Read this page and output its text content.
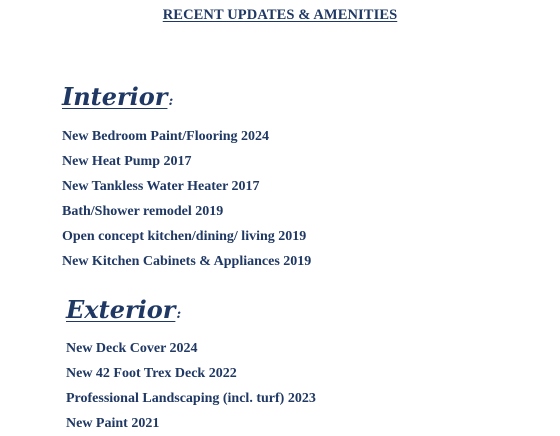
RECENT UPDATES & AMENITIES
Interior:
New Bedroom Paint/Flooring 2024
New Heat Pump 2017
New Tankless Water Heater 2017
Bath/Shower remodel 2019
Open concept kitchen/dining/ living 2019
New Kitchen Cabinets & Appliances 2019
Exterior:
New Deck Cover 2024
New 42 Foot Trex Deck 2022
Professional Landscaping (incl. turf) 2023
New Paint 2021
